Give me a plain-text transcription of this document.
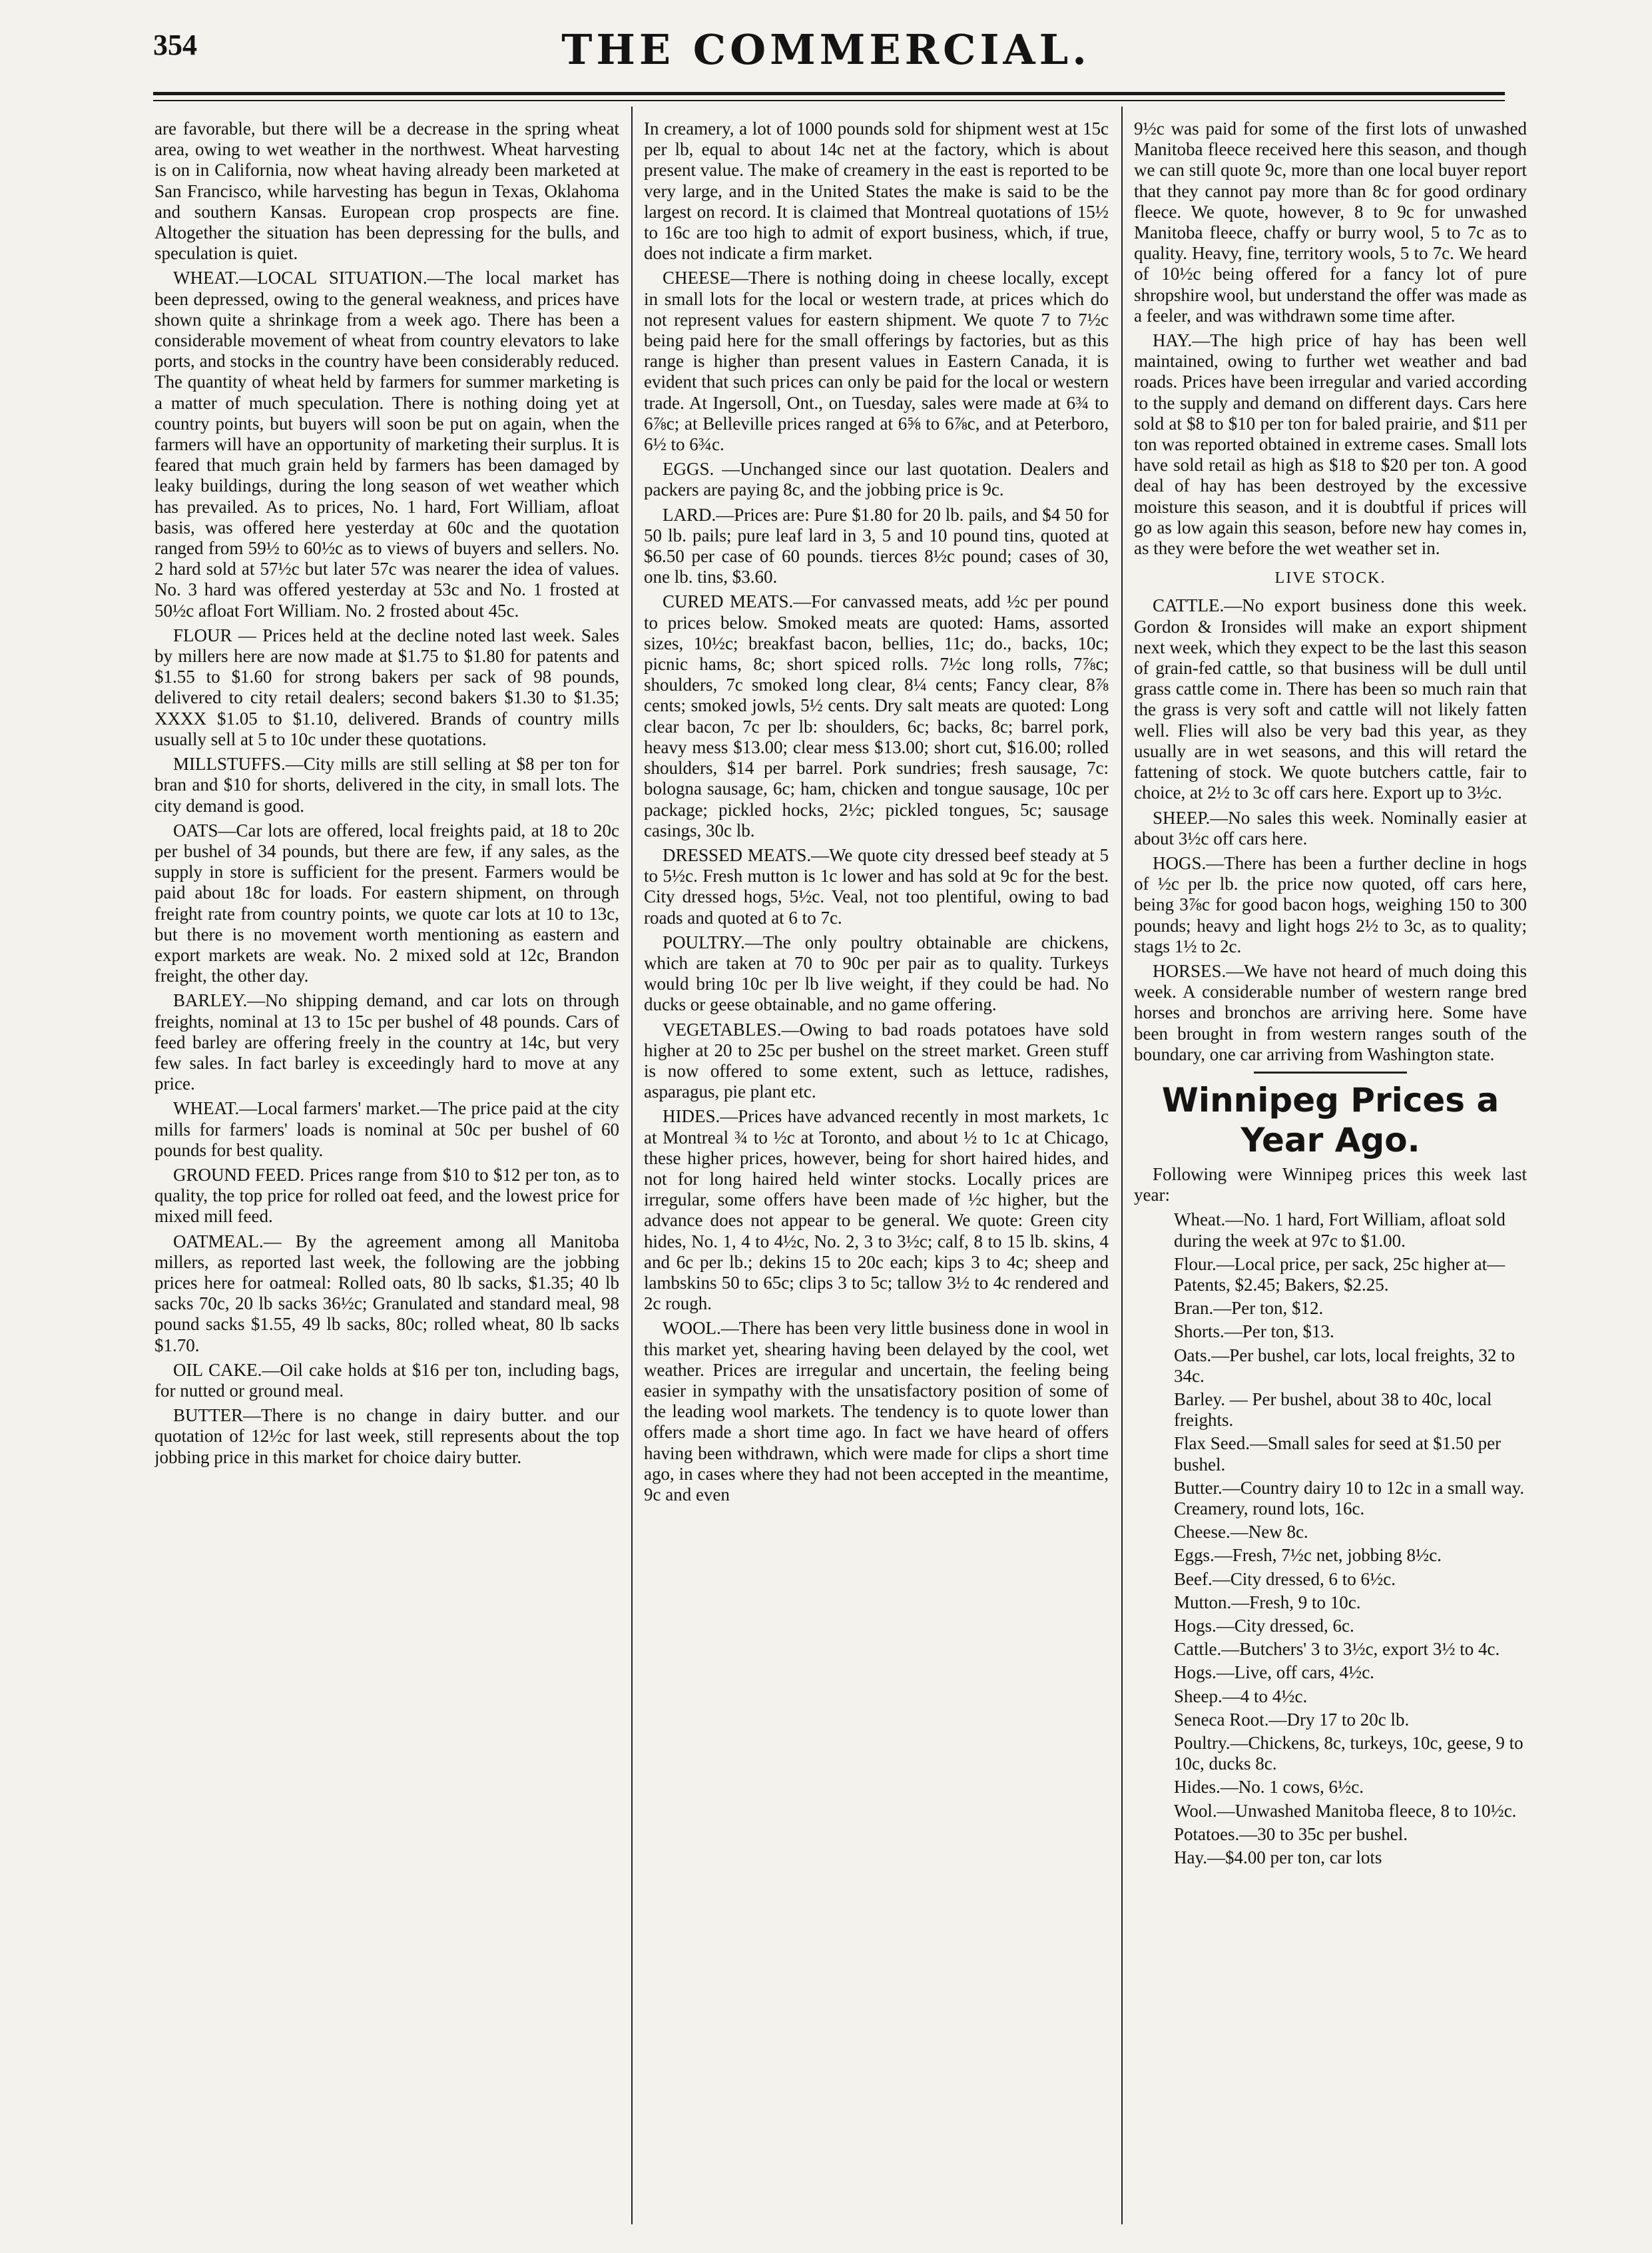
354	THE COMMERCIAL.

are favorable, but there will be a decrease in the spring wheat area, owing to wet weather in the northwest. Wheat harvesting is on in California, now wheat having already been marketed at San Francisco, while harvesting has begun in Texas, Oklahoma and southern Kansas. European crop prospects are fine. Altogether the situation has been depressing for the bulls, and speculation is quiet.

WHEAT.—LOCAL SITUATION.—The local market has been depressed, owing to the general weakness, and prices have shown quite a shrinkage from a week ago. There has been a considerable movement of wheat from country elevators to lake ports, and stocks in the country have been considerably reduced. The quantity of wheat held by farmers for summer marketing is a matter of much speculation. There is nothing doing yet at country points, but buyers will soon be put on again, when the farmers will have an opportunity of marketing their surplus. It is feared that much grain held by farmers has been damaged by leaky buildings, during the long season of wet weather which has prevailed. As to prices, No. 1 hard, Fort William, afloat basis, was offered here yesterday at 60c and the quotation ranged from 59½ to 60½c as to views of buyers and sellers. No. 2 hard sold at 57½c but later 57c was nearer the idea of values. No. 3 hard was offered yesterday at 53c and No. 1 frosted at 50½c afloat Fort William. No. 2 frosted about 45c.

FLOUR — Prices held at the decline noted last week. Sales by millers here are now made at $1.75 to $1.80 for patents and $1.55 to $1.60 for strong bakers per sack of 98 pounds, delivered to city retail dealers; second bakers $1.30 to $1.35; XXXX $1.05 to $1.10, delivered. Brands of country mills usually sell at 5 to 10c under these quotations.

MILLSTUFFS.—City mills are still selling at $8 per ton for bran and $10 for shorts, delivered in the city, in small lots. The city demand is good.

OATS—Car lots are offered, local freights paid, at 18 to 20c per bushel of 34 pounds, but there are few, if any sales, as the supply in store is sufficient for the present. Farmers would be paid about 18c for loads. For eastern shipment, on through freight rate from country points, we quote car lots at 10 to 13c, but there is no movement worth mentioning as eastern and export markets are weak. No. 2 mixed sold at 12c, Brandon freight, the other day.

BARLEY.—No shipping demand, and car lots on through freights, nominal at 13 to 15c per bushel of 48 pounds. Cars of feed barley are offering freely in the country at 14c, but very few sales. In fact barley is exceedingly hard to move at any price.

WHEAT.—Local farmers' market.—The price paid at the city mills for farmers' loads is nominal at 50c per bushel of 60 pounds for best quality.

GROUND FEED. Prices range from $10 to $12 per ton, as to quality, the top price for rolled oat feed, and the lowest price for mixed mill feed.

OATMEAL.— By the agreement among all Manitoba millers, as reported last week, the following are the jobbing prices here for oatmeal: Rolled oats, 80 lb sacks, $1.35; 40 lb sacks 70c, 20 lb sacks 36½c; Granulated and standard meal, 98 pound sacks $1.55, 49 lb sacks, 80c; rolled wheat, 80 lb sacks $1.70.

OIL CAKE.—Oil cake holds at $16 per ton, including bags, for nutted or ground meal.

BUTTER—There is no change in dairy butter. and our quotation of 12½c for last week, still represents about the top jobbing price in this market for choice dairy butter.

In creamery, a lot of 1000 pounds sold for shipment west at 15c per lb, equal to about 14c net at the factory, which is about present value. The make of creamery in the east is reported to be very large, and in the United States the make is said to be the largest on record. It is claimed that Montreal quotations of 15½ to 16c are too high to admit of export business, which, if true, does not indicate a firm market.

CHEESE—There is nothing doing in cheese locally, except in small lots for the local or western trade, at prices which do not represent values for eastern shipment. We quote 7 to 7½c being paid here for the small offerings by factories, but as this range is higher than present values in Eastern Canada, it is evident that such prices can only be paid for the local or western trade. At Ingersoll, Ont., on Tuesday, sales were made at 6¾ to 6⅞c; at Belleville prices ranged at 6⅝ to 6⅞c, and at Peterboro, 6½ to 6¾c.

EGGS. —Unchanged since our last quotation. Dealers and packers are paying 8c, and the jobbing price is 9c.

LARD.—Prices are: Pure $1.80 for 20 lb. pails, and $4 50 for 50 lb. pails; pure leaf lard in 3, 5 and 10 pound tins, quoted at $6.50 per case of 60 pounds. tierces 8½c pound; cases of 30, one lb. tins, $3.60.

CURED MEATS.—For canvassed meats, add ½c per pound to prices below. Smoked meats are quoted: Hams, assorted sizes, 10½c; breakfast bacon, bellies, 11c; do., backs, 10c; picnic hams, 8c; short spiced rolls. 7½c long rolls, 7⅞c; shoulders, 7c smoked long clear, 8¼ cents; Fancy clear, 8⅞ cents; smoked jowls, 5½ cents. Dry salt meats are quoted: Long clear bacon, 7c per lb: shoulders, 6c; backs, 8c; barrel pork, heavy mess $13.00; clear mess $13.00; short cut, $16.00; rolled shoulders, $14 per barrel. Pork sundries; fresh sausage, 7c: bologna sausage, 6c; ham, chicken and tongue sausage, 10c per package; pickled hocks, 2½c; pickled tongues, 5c; sausage casings, 30c lb.

DRESSED MEATS.—We quote city dressed beef steady at 5 to 5½c. Fresh mutton is 1c lower and has sold at 9c for the best. City dressed hogs, 5½c. Veal, not too plentiful, owing to bad roads and quoted at 6 to 7c.

POULTRY.—The only poultry obtainable are chickens, which are taken at 70 to 90c per pair as to quality. Turkeys would bring 10c per lb live weight, if they could be had. No ducks or geese obtainable, and no game offering.

VEGETABLES.—Owing to bad roads potatoes have sold higher at 20 to 25c per bushel on the street market. Green stuff is now offered to some extent, such as lettuce, radishes, asparagus, pie plant etc.

HIDES.—Prices have advanced recently in most markets, 1c at Montreal ¾ to ½c at Toronto, and about ½ to 1c at Chicago, these higher prices, however, being for short haired hides, and not for long haired held winter stocks. Locally prices are irregular, some offers have been made of ½c higher, but the advance does not appear to be general. We quote: Green city hides, No. 1, 4 to 4½c, No. 2, 3 to 3½c; calf, 8 to 15 lb. skins, 4 and 6c per lb.; dekins 15 to 20c each; kips 3 to 4c; sheep and lambskins 50 to 65c; clips 3 to 5c; tallow 3½ to 4c rendered and 2c rough.

WOOL.—There has been very little business done in wool in this market yet, shearing having been delayed by the cool, wet weather. Prices are irregular and uncertain, the feeling being easier in sympathy with the unsatisfactory position of some of the leading wool markets. The tendency is to quote lower than offers made a short time ago. In fact we have heard of offers having been withdrawn, which were made for clips a short time ago, in cases where they had not been accepted in the meantime, 9c and even

9½c was paid for some of the first lots of unwashed Manitoba fleece received here this season, and though we can still quote 9c, more than one local buyer report that they cannot pay more than 8c for good ordinary fleece. We quote, however, 8 to 9c for unwashed Manitoba fleece, chaffy or burry wool, 5 to 7c as to quality. Heavy, fine, territory wools, 5 to 7c. We heard of 10½c being offered for a fancy lot of pure shropshire wool, but understand the offer was made as a feeler, and was withdrawn some time after.

HAY.—The high price of hay has been well maintained, owing to further wet weather and bad roads. Prices have been irregular and varied according to the supply and demand on different days. Cars here sold at $8 to $10 per ton for baled prairie, and $11 per ton was reported obtained in extreme cases. Small lots have sold retail as high as $18 to $20 per ton. A good deal of hay has been destroyed by the excessive moisture this season, and it is doubtful if prices will go as low again this season, before new hay comes in, as they were before the wet weather set in.

LIVE STOCK.

CATTLE.—No export business done this week. Gordon & Ironsides will make an export shipment next week, which they expect to be the last this season of grain-fed cattle, so that business will be dull until grass cattle come in. There has been so much rain that the grass is very soft and cattle will not likely fatten well. Flies will also be very bad this year, as they usually are in wet seasons, and this will retard the fattening of stock. We quote butchers cattle, fair to choice, at 2½ to 3c off cars here. Export up to 3½c.

SHEEP.—No sales this week. Nominally easier at about 3½c off cars here.

HOGS.—There has been a further decline in hogs of ½c per lb. the price now quoted, off cars here, being 3⅞c for good bacon hogs, weighing 150 to 300 pounds; heavy and light hogs 2½ to 3c, as to quality; stags 1½ to 2c.

HORSES.—We have not heard of much doing this week. A considerable number of western range bred horses and bronchos are arriving here. Some have been brought in from western ranges south of the boundary, one car arriving from Washington state.

Winnipeg Prices a Year Ago.

Following were Winnipeg prices this week last year:

Wheat.—No. 1 hard, Fort William, afloat sold during the week at 97c to $1.00.

Flour.—Local price, per sack, 25c higher at—Patents, $2.45; Bakers, $2.25.

Bran.—Per ton, $12.

Shorts.—Per ton, $13.

Oats.—Per bushel, car lots, local freights, 32 to 34c.

Barley. — Per bushel, about 38 to 40c, local freights.

Flax Seed.—Small sales for seed at $1.50 per bushel.

Butter.—Country dairy 10 to 12c in a small way. Creamery, round lots, 16c.

Cheese.—New 8c.

Eggs.—Fresh, 7½c net, jobbing 8½c.

Beef.—City dressed, 6 to 6½c.

Mutton.—Fresh, 9 to 10c.

Hogs.—City dressed, 6c.

Cattle.—Butchers' 3 to 3½c, export 3½ to 4c.

Hogs.—Live, off cars, 4½c.

Sheep.—4 to 4½c.

Seneca Root.—Dry 17 to 20c lb.

Poultry.—Chickens, 8c, turkeys, 10c, geese, 9 to 10c, ducks 8c.

Hides.—No. 1 cows, 6½c.

Wool.—Unwashed Manitoba fleece, 8 to 10½c.

Potatoes.—30 to 35c per bushel.

Hay.—$4.00 per ton, car lots
